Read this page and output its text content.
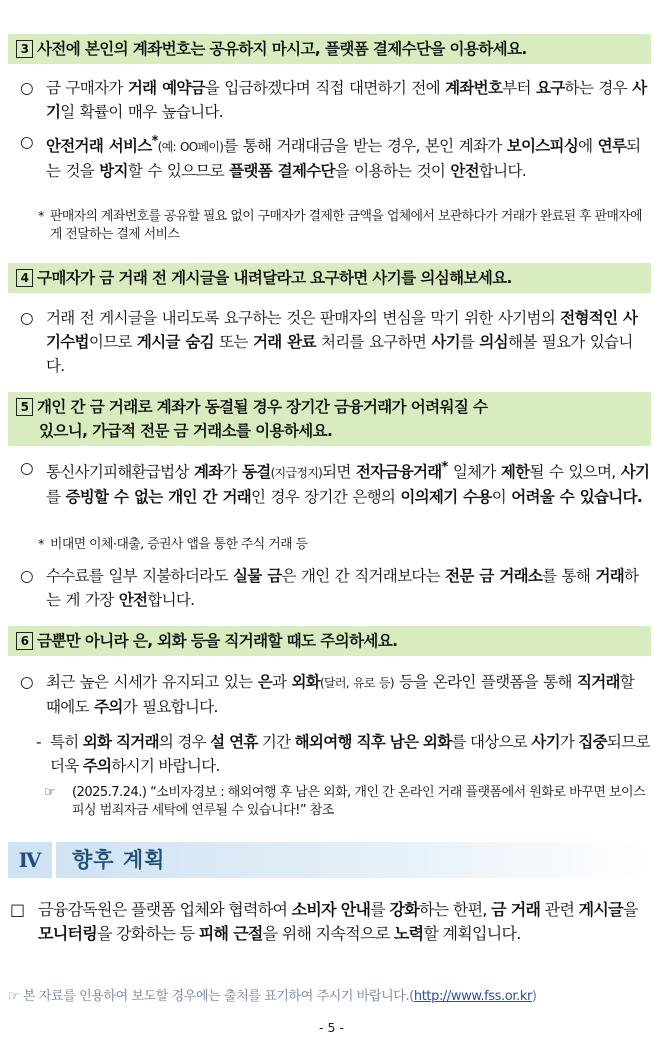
3 사전에 본인의 계좌번호는 공유하지 마시고, 플랫폼 결제수단을 이용하세요.
○ 금 구매자가 거래 예약금을 입금하겠다며 직접 대면하기 전에 계좌번호부터 요구하는 경우 사기일 확률이 매우 높습니다.
○ 안전거래 서비스*(예: OO페이)를 통해 거래대금을 받는 경우, 본인 계좌가 보이스피싱에 연루되는 것을 방지할 수 있으므로 플랫폼 결제수단을 이용하는 것이 안전합니다.
* 판매자의 계좌번호를 공유할 필요 없이 구매자가 결제한 금액을 업체에서 보관하다가 거래가 완료된 후 판매자에게 전달하는 결제 서비스
4 구매자가 금 거래 전 게시글을 내려달라고 요구하면 사기를 의심해보세요.
○ 거래 전 게시글을 내리도록 요구하는 것은 판매자의 변심을 막기 위한 사기범의 전형적인 사기수법이므로 게시글 숨김 또는 거래 완료 처리를 요구하면 사기를 의심해볼 필요가 있습니다.
5 개인 간 금 거래로 계좌가 동결될 경우 장기간 금융거래가 어려워질 수
있으니, 가급적 전문 금 거래소를 이용하세요.
○ 통신사기피해환급법상 계좌가 동결(지급정지)되면 전자금융거래* 일체가 제한될 수 있으며, 사기를 증빙할 수 없는 개인 간 거래인 경우 장기간 은행의 이의제기 수용이 어려울 수 있습니다.
* 비대면 이체·대출, 증권사 앱을 통한 주식 거래 등
○ 수수료를 일부 지불하더라도 실물 금은 개인 간 직거래보다는 전문 금 거래소를 통해 거래하는 게 가장 안전합니다.
6 금뿐만 아니라 은, 외화 등을 직거래할 때도 주의하세요.
○ 최근 높은 시세가 유지되고 있는 은과 외화(달러, 유로 등) 등을 온라인 플랫폼을 통해 직거래할 때에도 주의가 필요합니다.
- 특히 외화 직거래의 경우 설 연휴 기간 해외여행 직후 남은 외화를 대상으로 사기가 집중되므로 더욱 주의하시기 바랍니다.
☞	(2025.7.24.) “소비자경보 : 해외여행 후 남은 외화, 개인 간 온라인 거래 플랫폼에서 원화로 바꾸면 보이스피싱 범죄자금 세탁에 연루될 수 있습니다!” 참조
Ⅳ	향후 계획
□ 금융감독원은 플랫폼 업체와 협력하여 소비자 안내를 강화하는 한편, 금 거래 관련 게시글을 모니터링을 강화하는 등 피해 근절을 위해 지속적으로 노력할 계획입니다.
☞ 본 자료를 인용하여 보도할 경우에는 출처를 표기하여 주시기 바랍니다.(http://www.fss.or.kr)
- 5 -
